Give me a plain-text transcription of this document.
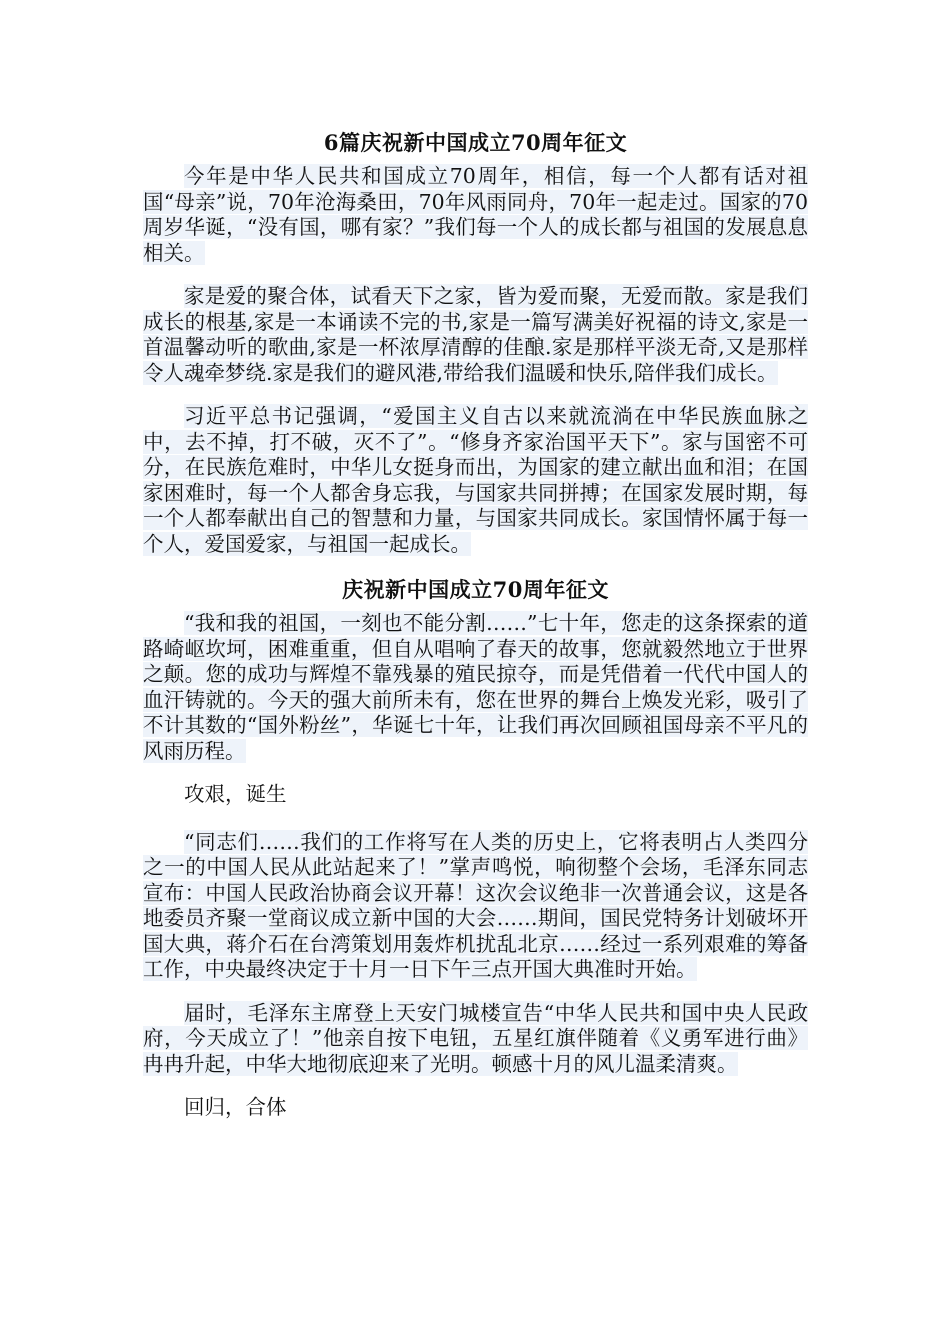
6篇庆祝新中国成立70周年征文

今年是中华人民共和国成立70周年，相信，每一个人都有话对祖国“母亲”说，70年沧海桑田，70年风雨同舟，70年一起走过。国家的70周岁华诞，“没有国，哪有家？”我们每一个人的成长都与祖国的发展息息相关。

家是爱的聚合体，试看天下之家，皆为爱而聚，无爱而散。家是我们成长的根基,家是一本诵读不完的书,家是一篇写满美好祝福的诗文,家是一首温馨动听的歌曲,家是一杯浓厚清醇的佳酿.家是那样平淡无奇,又是那样令人魂牵梦绕.家是我们的避风港,带给我们温暖和快乐,陪伴我们成长。

习近平总书记强调，“爱国主义自古以来就流淌在中华民族血脉之中，去不掉，打不破，灭不了”。“修身齐家治国平天下”。家与国密不可分，在民族危难时，中华儿女挺身而出，为国家的建立献出血和泪；在国家困难时，每一个人都舍身忘我，与国家共同拼搏；在国家发展时期，每一个人都奉献出自己的智慧和力量，与国家共同成长。家国情怀属于每一个人，爱国爱家，与祖国一起成长。

庆祝新中国成立70周年征文

“我和我的祖国，一刻也不能分割……”七十年，您走的这条探索的道路崎岖坎坷，困难重重，但自从唱响了春天的故事，您就毅然地立于世界之颠。您的成功与辉煌不靠残暴的殖民掠夺，而是凭借着一代代中国人的血汗铸就的。今天的强大前所未有，您在世界的舞台上焕发光彩，吸引了不计其数的“国外粉丝”，华诞七十年，让我们再次回顾祖国母亲不平凡的风雨历程。

攻艰，诞生

“同志们……我们的工作将写在人类的历史上，它将表明占人类四分之一的中国人民从此站起来了！”掌声鸣悦，响彻整个会场，毛泽东同志宣布：中国人民政治协商会议开幕！这次会议绝非一次普通会议，这是各地委员齐聚一堂商议成立新中国的大会……期间，国民党特务计划破坏开国大典，蒋介石在台湾策划用轰炸机扰乱北京……经过一系列艰难的筹备工作，中央最终决定于十月一日下午三点开国大典准时开始。

届时，毛泽东主席登上天安门城楼宣告“中华人民共和国中央人民政府，今天成立了！”他亲自按下电钮，五星红旗伴随着《义勇军进行曲》冉冉升起，中华大地彻底迎来了光明。顿感十月的风儿温柔清爽。

回归，合体
